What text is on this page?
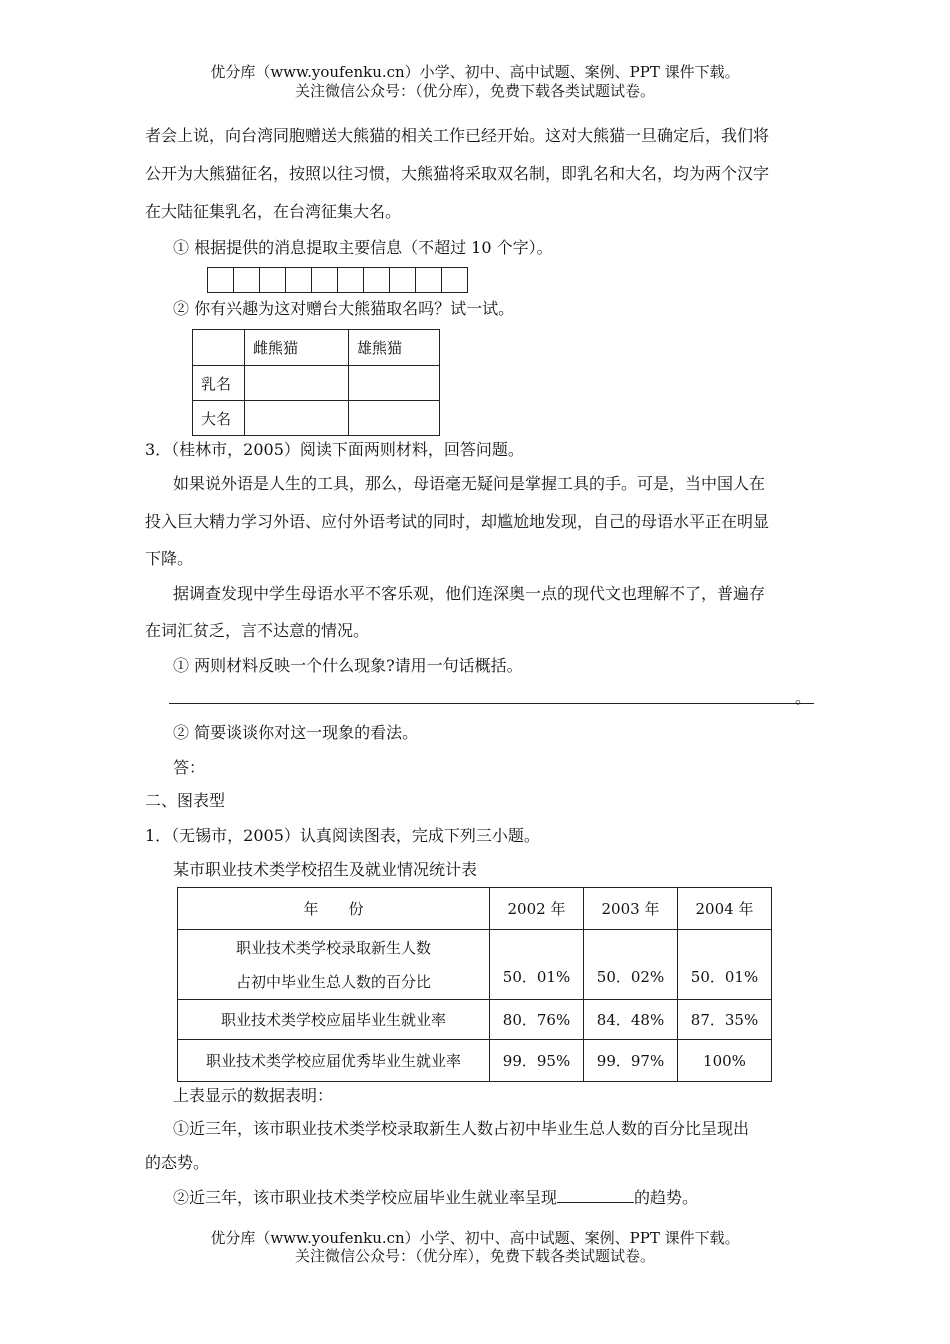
优分库（www.youfenku.cn）小学、初中、高中试题、案例、PPT 课件下载。
关注微信公众号：（优分库），免费下载各类试题试卷。
者会上说，向台湾同胞赠送大熊猫的相关工作已经开始。这对大熊猫一旦确定后，我们将
公开为大熊猫征名，按照以往习惯，大熊猫将采取双名制，即乳名和大名，均为两个汉字
在大陆征集乳名，在台湾征集大名。
① 根据提供的消息提取主要信息（不超过 10 个字）。

② 你有兴趣为这对赠台大熊猫取名吗？试一试。
	雌熊猫	雄熊猫
乳名		
大名		
3．（桂林市，2005）阅读下面两则材料，回答问题。
如果说外语是人生的工具，那么，母语毫无疑问是掌握工具的手。可是，当中国人在
投入巨大精力学习外语、应付外语考试的同时，却尴尬地发现，自己的母语水平正在明显
下降。
据调查发现中学生母语水平不客乐观，他们连深奥一点的现代文也理解不了，普遍存
在词汇贫乏，言不达意的情况。
① 两则材料反映一个什么现象?请用一句话概括。
。
② 简要谈谈你对这一现象的看法。
答：
二、图表型
1．（无锡市，2005）认真阅读图表，完成下列三小题。
某市职业技术类学校招生及就业情况统计表
年　　份	2002 年	2003 年	2004 年

职业技术类学校录取新生人数
占初中毕业生总人数的百分比	50．01%	50．02%	50．01%
职业技术类学校应届毕业生就业率	80．76%	84．48%	87．35%
职业技术类学校应届优秀毕业生就业率	99．95%	99．97%	100%
上表显示的数据表明：
①近三年，该市职业技术类学校录取新生人数占初中毕业生总人数的百分比呈现出
的态势。
②近三年，该市职业技术类学校应届毕业生就业率呈现	的趋势。
优分库（www.youfenku.cn）小学、初中、高中试题、案例、PPT 课件下载。
关注微信公众号：（优分库），免费下载各类试题试卷。
